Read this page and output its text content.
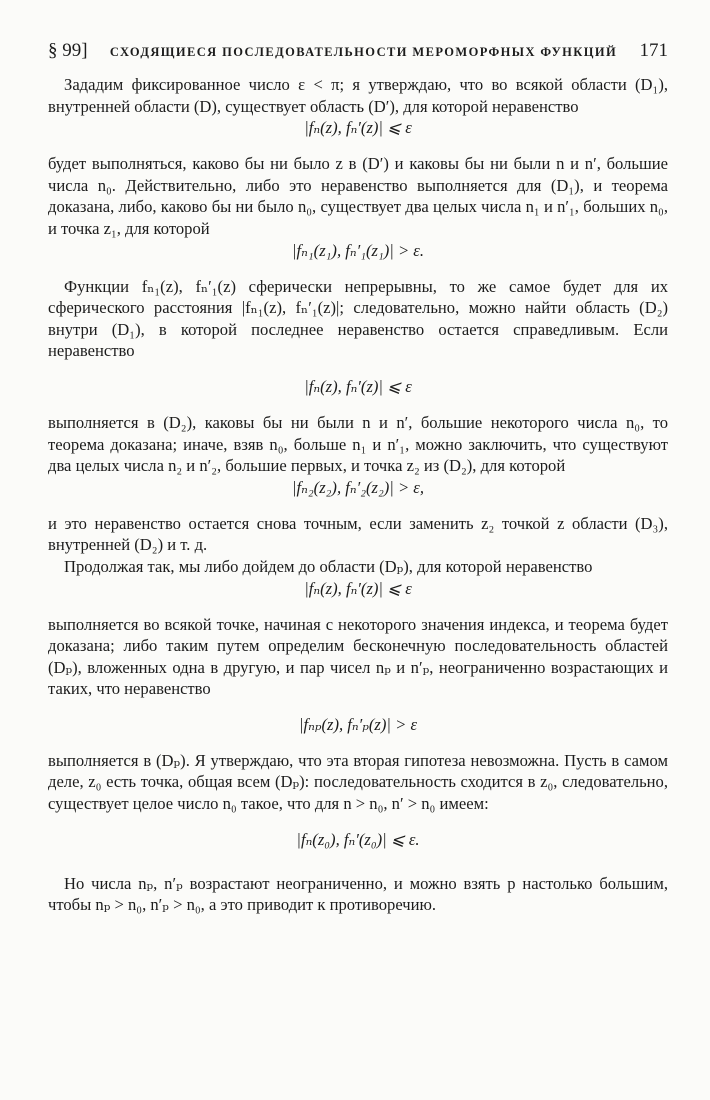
§ 99] СХОДЯЩИЕСЯ ПОСЛЕДОВАТЕЛЬНОСТИ МЕРОМОРФНЫХ ФУНКЦИЙ 171

Зададим фиксированное число ε < π; я утверждаю, что во всякой области (D₁), внутренней области (D), существует область (D′), для которой неравенство

|fₙ(z), fₙ′(z)| ⩽ ε

будет выполняться, каково бы ни было z в (D′) и каковы бы ни были n и n′, большие числа n₀. Действительно, либо это неравенство выполняется для (D₁), и теорема доказана, либо, каково бы ни было n₀, существует два целых числа n₁ и n′₁, больших n₀, и точка z₁, для которой

|fₙ₁(z₁), fₙ′₁(z₁)| > ε.

Функции fₙ₁(z), fₙ′₁(z) сферически непрерывны, то же самое будет для их сферического расстояния |fₙ₁(z), fₙ′₁(z)|; следовательно, можно найти область (D₂) внутри (D₁), в которой последнее неравенство остается справедливым. Если неравенство

|fₙ(z), fₙ′(z)| ⩽ ε

выполняется в (D₂), каковы бы ни были n и n′, большие некоторого числа n₀, то теорема доказана; иначе, взяв n₀, больше n₁ и n′₁, можно заключить, что существуют два целых числа n₂ и n′₂, большие первых, и точка z₂ из (D₂), для которой

|fₙ₂(z₂), fₙ′₂(z₂)| > ε,

и это неравенство остается снова точным, если заменить z₂ точкой z области (D₃), внутренней (D₂) и т. д.

Продолжая так, мы либо дойдем до области (Dₚ), для которой неравенство

|fₙ(z), fₙ′(z)| ⩽ ε

выполняется во всякой точке, начиная с некоторого значения индекса, и теорема будет доказана; либо таким путем определим бесконечную последовательность областей (Dₚ), вложенных одна в другую, и пар чисел nₚ и n′ₚ, неограниченно возрастающих и таких, что неравенство

|fₙₚ(z), fₙ′ₚ(z)| > ε

выполняется в (Dₚ). Я утверждаю, что эта вторая гипотеза невозможна. Пусть в самом деле, z₀ есть точка, общая всем (Dₚ): последовательность сходится в z₀, следовательно, существует целое число n₀ такое, что для n > n₀, n′ > n₀ имеем:

|fₙ(z₀), fₙ′(z₀)| ⩽ ε.

Но числа nₚ, n′ₚ возрастают неограниченно, и можно взять p настолько большим, чтобы nₚ > n₀, n′ₚ > n₀, а это приводит к противоречию.
